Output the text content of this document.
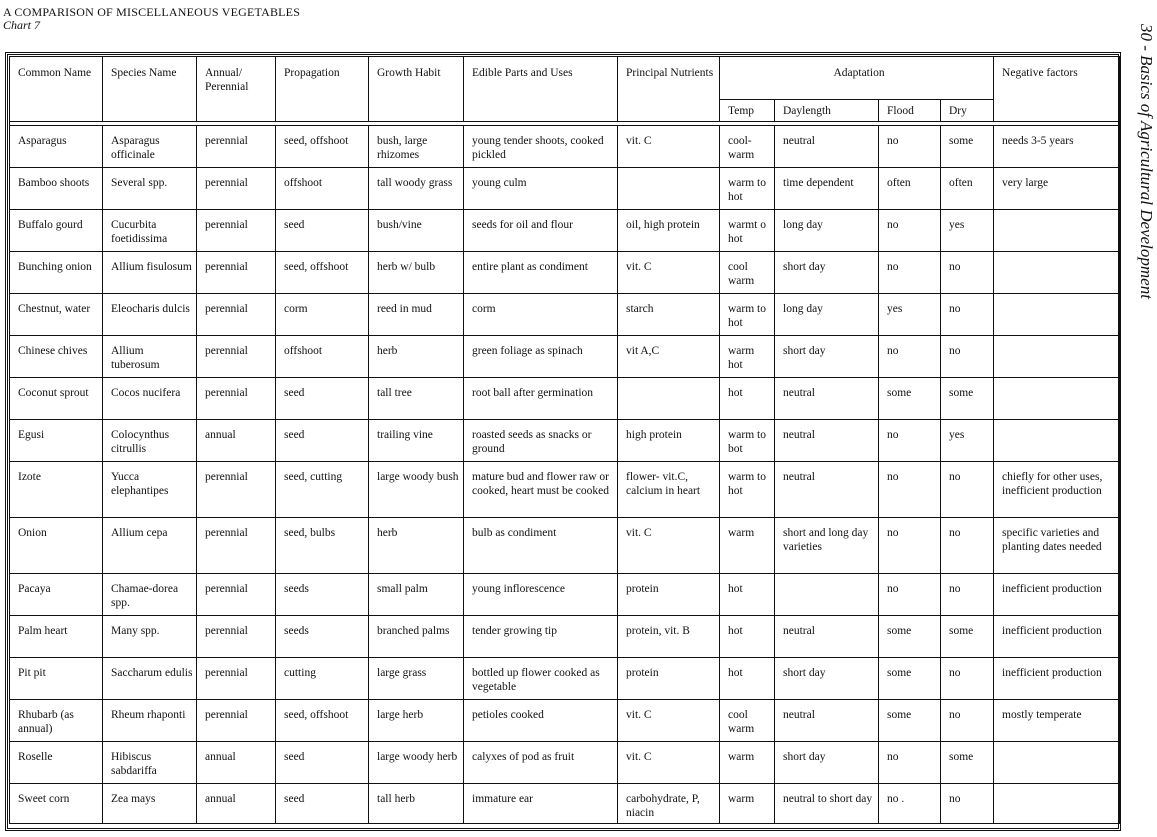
A COMPARISON OF MISCELLANEOUS VEGETABLES
Chart 7	30 - Basics of Agricultural Development
Common Name	Species Name	Annual/ Perennial	Propagation	Growth Habit	Edible Parts and Uses	Principal Nutrients	Adaptation				Negative factors
							Temp	Daylength	Flood	Dry	

Asparagus	Asparagus officinale	perennial	seed, offshoot	bush, large rhizomes	young tender shoots, cooked pickled	vit. C	cool-warm	neutral	no	some	needs 3-5 years
Bamboo shoots	Several spp.	perennial	offshoot	tall woody grass	young culm		warm to hot	time dependent	often	often	very large
Buffalo gourd	Cucurbita foetidissima	perennial	seed	bush/vine	seeds for oil and flour	oil, high protein	warmt o hot	long day	no	yes	
Bunching onion	Allium fisulosum	perennial	seed, offshoot	herb w/ bulb	entire plant as condiment	vit. C	cool warm	short day	no	no	
Chestnut, water	Eleocharis dulcis	perennial	corm	reed in mud	corm	starch	warm to hot	long day	yes	no	
Chinese chives	Allium tuberosum	perennial	offshoot	herb	green foliage as spinach	vit A,C	warm hot	short day	no	no	
Coconut sprout	Cocos nucifera	perennial	seed	tall tree	root ball after germination		hot	neutral	some	some	
Egusi	Colocynthus citrullis	annual	seed	trailing vine	roasted seeds as snacks or ground	high protein	warm to bot	neutral	no	yes	
Izote	Yucca elephantipes	perennial	seed, cutting	large woody bush	mature bud and flower raw or cooked, heart must be cooked	flower- vit.C, calcium in heart	warm to hot	neutral	no	no	chiefly for other uses, inefficient production
Onion	Allium cepa	perennial	seed, bulbs	herb	bulb as condiment	vit. C	warm	short and long day varieties	no	no	specific varieties and planting dates needed
Pacaya	Chamae-dorea spp.	perennial	seeds	small palm	young inflorescence	protein	hot		no	no	inefficient production
Palm heart	Many spp.	perennial	seeds	branched palms	tender growing tip	protein, vit. B	hot	neutral	some	some	inefficient production
Pit pit	Saccharum edulis	perennial	cutting	large grass	bottled up flower cooked as vegetable	protein	hot	short day	some	no	inefficient production
Rhubarb (as annual)	Rheum rhaponti	perennial	seed, offshoot	large herb	petioles cooked	vit. C	cool warm	neutral	some	no	mostly temperate
Roselle	Hibiscus sabdariffa	annual	seed	large woody herb	calyxes of pod as fruit	vit. C	warm	short day	no	some	
Sweet corn	Zea mays	annual	seed	tall herb	immature ear	carbohydrate, P, niacin	warm	neutral to short day	no .	no	
